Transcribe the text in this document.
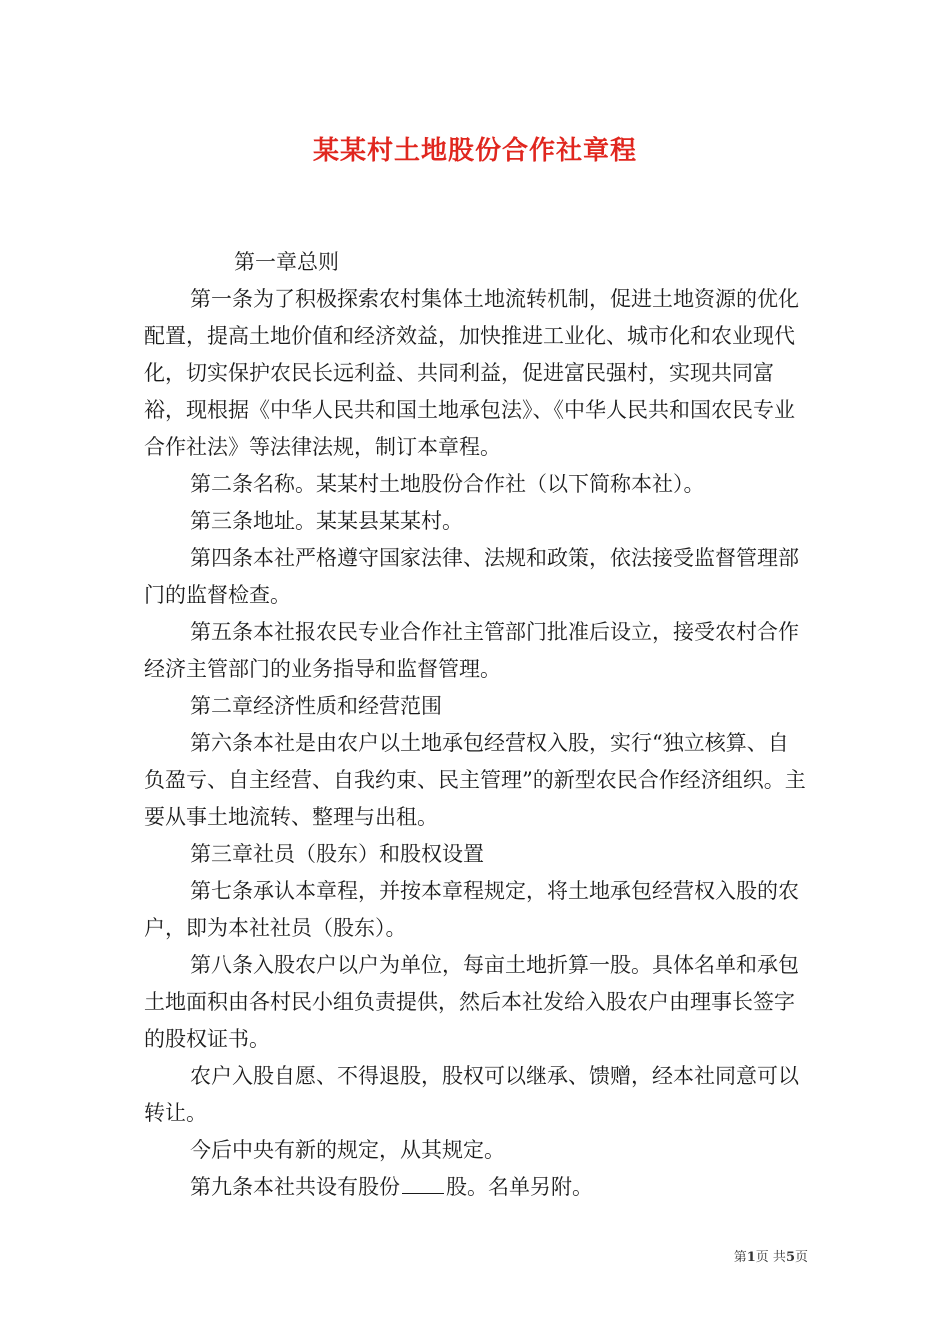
某某村土地股份合作社章程

第一章总则

第一条为了积极探索农村集体土地流转机制，促进土地资源的优化配置，提高土地价值和经济效益，加快推进工业化、城市化和农业现代化，切实保护农民长远利益、共同利益，促进富民强村，实现共同富裕，现根据《中华人民共和国土地承包法》、《中华人民共和国农民专业合作社法》等法律法规，制订本章程。

第二条名称。某某村土地股份合作社（以下简称本社）。

第三条地址。某某县某某村。

第四条本社严格遵守国家法律、法规和政策，依法接受监督管理部门的监督检查。

第五条本社报农民专业合作社主管部门批准后设立，接受农村合作经济主管部门的业务指导和监督管理。

第二章经济性质和经营范围

第六条本社是由农户以土地承包经营权入股，实行“独立核算、自负盈亏、自主经营、自我约束、民主管理”的新型农民合作经济组织。主要从事土地流转、整理与出租。

第三章社员（股东）和股权设置

第七条承认本章程，并按本章程规定，将土地承包经营权入股的农户，即为本社社员（股东）。

第八条入股农户以户为单位，每亩土地折算一股。具体名单和承包土地面积由各村民小组负责提供，然后本社发给入股农户由理事长签字的股权证书。

农户入股自愿、不得退股，股权可以继承、馈赠，经本社同意可以转让。

今后中央有新的规定，从其规定。

第九条本社共设有股份 股。名单另附。

第1页 共5页
